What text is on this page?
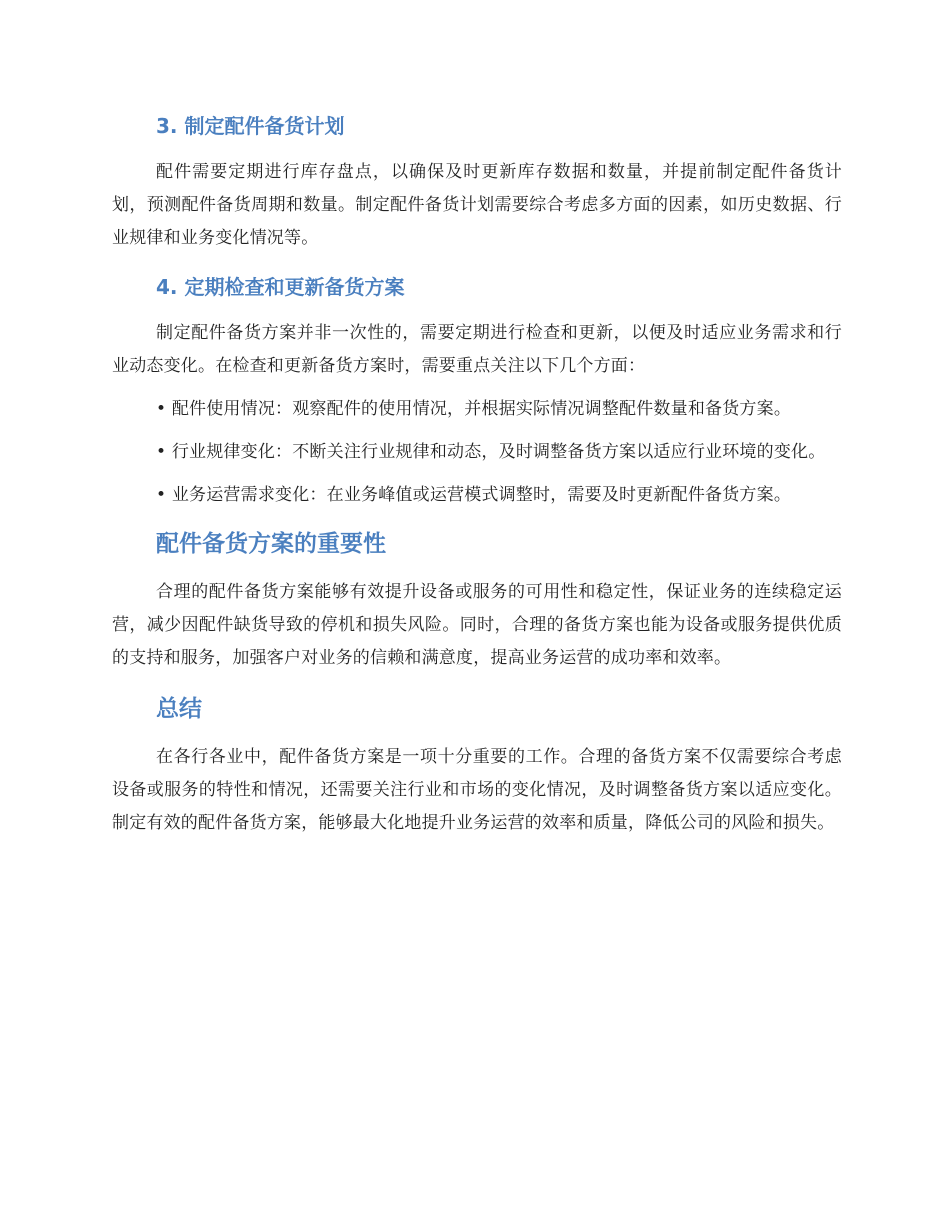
3. 制定配件备货计划

配件需要定期进行库存盘点，以确保及时更新库存数据和数量，并提前制定配件备货计划，预测配件备货周期和数量。制定配件备货计划需要综合考虑多方面的因素，如历史数据、行业规律和业务变化情况等。

4. 定期检查和更新备货方案

制定配件备货方案并非一次性的，需要定期进行检查和更新，以便及时适应业务需求和行业动态变化。在检查和更新备货方案时，需要重点关注以下几个方面：

• 配件使用情况：观察配件的使用情况，并根据实际情况调整配件数量和备货方案。

• 行业规律变化：不断关注行业规律和动态，及时调整备货方案以适应行业环境的变化。

• 业务运营需求变化：在业务峰值或运营模式调整时，需要及时更新配件备货方案。

配件备货方案的重要性

合理的配件备货方案能够有效提升设备或服务的可用性和稳定性，保证业务的连续稳定运营，减少因配件缺货导致的停机和损失风险。同时，合理的备货方案也能为设备或服务提供优质的支持和服务，加强客户对业务的信赖和满意度，提高业务运营的成功率和效率。

总结

在各行各业中，配件备货方案是一项十分重要的工作。合理的备货方案不仅需要综合考虑设备或服务的特性和情况，还需要关注行业和市场的变化情况，及时调整备货方案以适应变化。制定有效的配件备货方案，能够最大化地提升业务运营的效率和质量，降低公司的风险和损失。
